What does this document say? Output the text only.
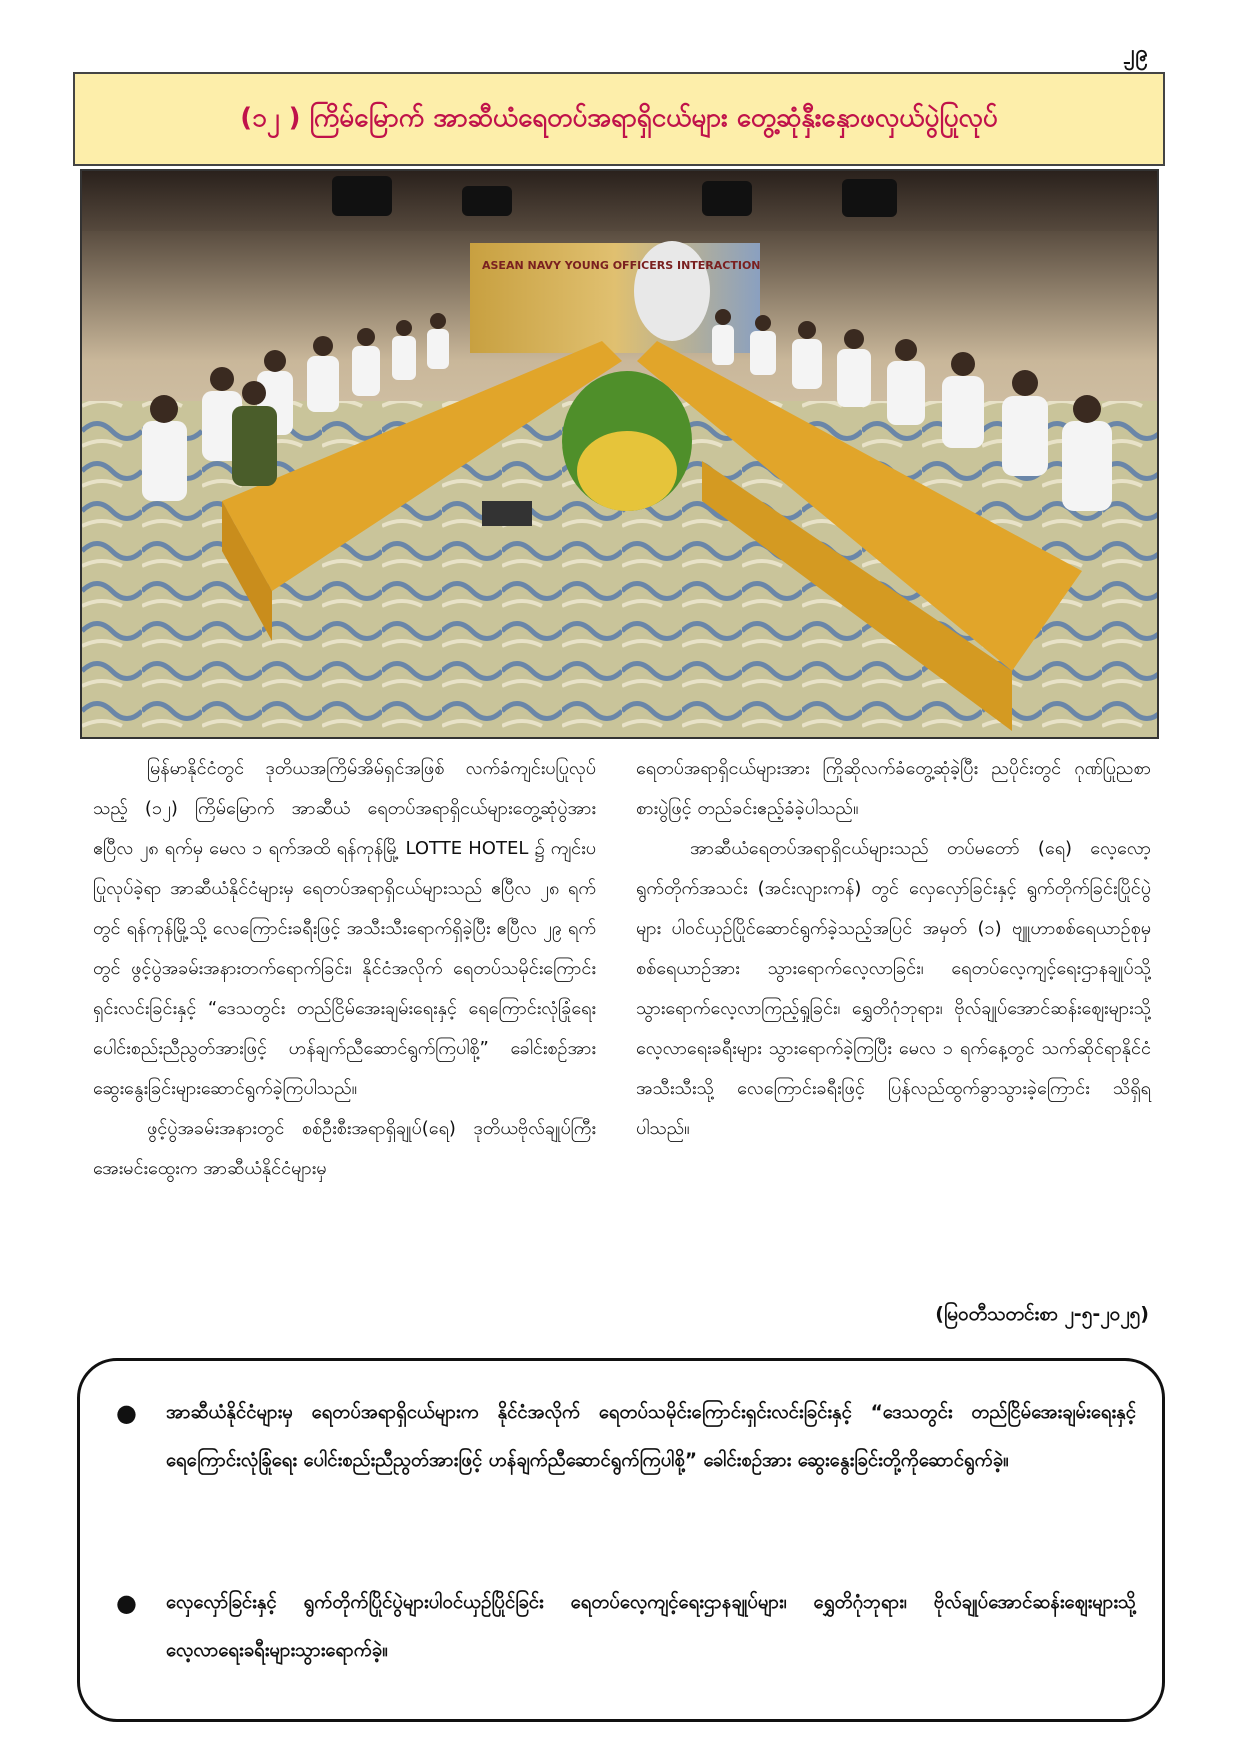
၂၉
(၁၂ ) ကြိမ်မြောက် အာဆီယံရေတပ်အရာရှိငယ်များ တွေ့ဆုံနှီးနှောဖလှယ်ပွဲပြုလုပ်
ASEAN NAVY YOUNG OFFICERS INTERACTION

မြန်မာနိုင်ငံတွင် ဒုတိယအကြိမ်အိမ်ရှင်အဖြစ် လက်ခံကျင်းပပြုလုပ်သည့် (၁၂) ကြိမ်မြောက် အာဆီယံ ရေတပ်အရာရှိငယ်များတွေ့ဆုံပွဲအား ဧပြီလ ၂၈ ရက်မှ မေလ ၁ ရက်အထိ ရန်ကုန်မြို့ LOTTE HOTEL ၌ ကျင်းပပြုလုပ်ခဲ့ရာ အာဆီယံနိုင်ငံများမှ ရေတပ်အရာရှိငယ်များသည် ဧပြီလ ၂၈ ရက်တွင် ရန်ကုန်မြို့သို့ လေကြောင်းခရီးဖြင့် အသီးသီးရောက်ရှိခဲ့ပြီး ဧပြီလ ၂၉ ရက်တွင် ဖွင့်ပွဲအခမ်းအနားတက်ရောက်ခြင်း၊ နိုင်ငံအလိုက် ရေတပ်သမိုင်းကြောင်းရှင်းလင်းခြင်းနှင့် “ဒေသတွင်း တည်ငြိမ်အေးချမ်းရေးနှင့် ရေကြောင်းလုံခြုံရေးပေါင်းစည်းညီညွတ်အားဖြင့် ဟန်ချက်ညီဆောင်ရွက်ကြပါစို့” ခေါင်းစဉ်အား ဆွေးနွေးခြင်းများဆောင်ရွက်ခဲ့ကြပါသည်။

ဖွင့်ပွဲအခမ်းအနားတွင် စစ်ဦးစီးအရာရှိချုပ်(ရေ) ဒုတိယဗိုလ်ချုပ်ကြီး အေးမင်းထွေးက အာဆီယံနိုင်ငံများမှ

ရေတပ်အရာရှိငယ်များအား ကြိုဆိုလက်ခံတွေ့ဆုံခဲ့ပြီး ညပိုင်းတွင် ဂုဏ်ပြုညစာစားပွဲဖြင့် တည်ခင်းဧည့်ခံခဲ့ပါသည်။

အာဆီယံရေတပ်အရာရှိငယ်များသည် တပ်မတော် (ရေ) လေ့လော့ရွက်တိုက်အသင်း (အင်းလျားကန်) တွင် လှေလှော်ခြင်းနှင့် ရွက်တိုက်ခြင်းပြိုင်ပွဲများ ပါဝင်ယှဉ်ပြိုင်ဆောင်ရွက်ခဲ့သည့်အပြင် အမှတ် (၁) ဗျူဟာစစ်ရေယာဉ်စုမှ စစ်ရေယာဉ်အား သွားရောက်လေ့လာခြင်း၊ ရေတပ်လေ့ကျင့်ရေးဌာနချုပ်သို့ သွားရောက်လေ့လာကြည့်ရှုခြင်း၊ ရွှေတိဂုံဘုရား၊ ဗိုလ်ချုပ်အောင်ဆန်းဈေးများသို့ လေ့လာရေးခရီးများ သွားရောက်ခဲ့ကြပြီး မေလ ၁ ရက်နေ့တွင် သက်ဆိုင်ရာနိုင်ငံ အသီးသီးသို့ လေကြောင်းခရီးဖြင့် ပြန်လည်ထွက်ခွာသွားခဲ့ကြောင်း သိရှိရပါသည်။

(မြဝတီသတင်းစာ ၂-၅-၂၀၂၅)
● အာဆီယံနိုင်ငံများမှ ရေတပ်အရာရှိငယ်များက နိုင်ငံအလိုက် ရေတပ်သမိုင်းကြောင်းရှင်းလင်းခြင်းနှင့် “ဒေသတွင်း တည်ငြိမ်အေးချမ်းရေးနှင့် ရေကြောင်းလုံခြုံရေး ပေါင်းစည်းညီညွတ်အားဖြင့် ဟန်ချက်ညီဆောင်ရွက်ကြပါစို့” ခေါင်းစဉ်အား ဆွေးနွေးခြင်းတို့ကိုဆောင်ရွက်ခဲ့။
● လှေလှော်ခြင်းနှင့် ရွက်တိုက်ပြိုင်ပွဲများပါဝင်ယှဉ်ပြိုင်ခြင်း ရေတပ်လေ့ကျင့်ရေးဌာနချုပ်များ၊ ရွှေတိဂုံဘုရား၊ ဗိုလ်ချုပ်အောင်ဆန်းဈေးများသို့ လေ့လာရေးခရီးများသွားရောက်ခဲ့။
